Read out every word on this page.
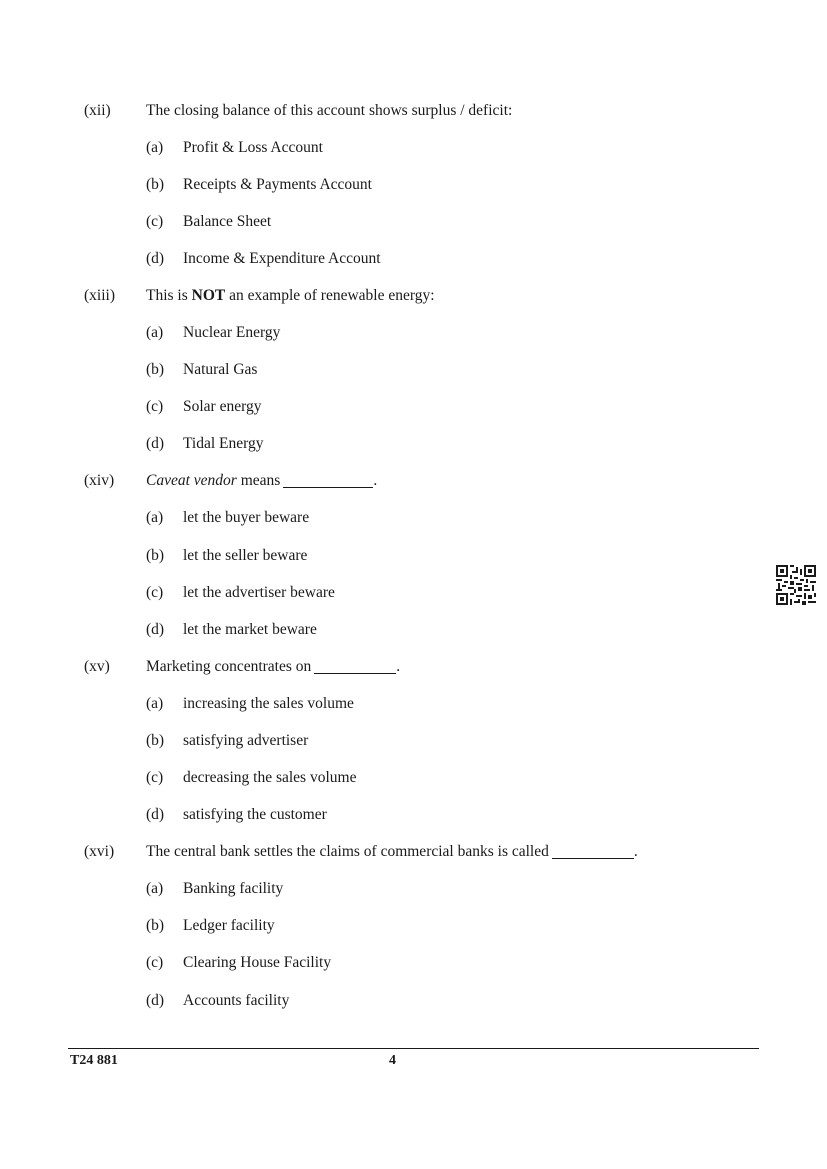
(xii) The closing balance of this account shows surplus / deficit:
(a) Profit & Loss Account
(b) Receipts & Payments Account
(c) Balance Sheet
(d) Income & Expenditure Account
(xiii) This is NOT an example of renewable energy:
(a) Nuclear Energy
(b) Natural Gas
(c) Solar energy
(d) Tidal Energy
(xiv) Caveat vendor means	.
(a) let the buyer beware
(b) let the seller beware
(c) let the advertiser beware
(d) let the market beware
(xv) Marketing concentrates on	.
(a) increasing the sales volume
(b) satisfying advertiser
(c) decreasing the sales volume
(d) satisfying the customer
(xvi) The central bank settles the claims of commercial banks is called	.
(a) Banking facility
(b) Ledger facility
(c) Clearing House Facility
(d) Accounts facility
T24 881	4
